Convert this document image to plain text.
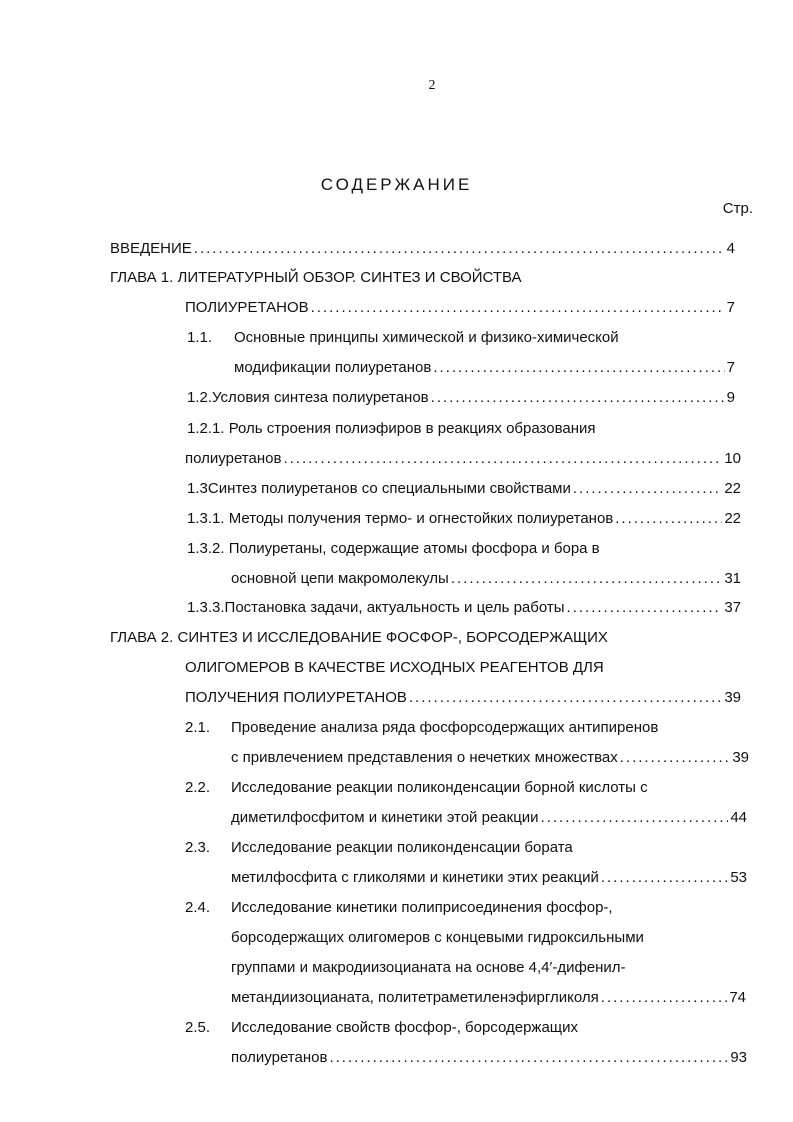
2
СОДЕРЖАНИЕ
Стр.
ВВЕДЕНИЕ .....	4
ГЛАВА 1. ЛИТЕРАТУРНЫЙ ОБЗОР. СИНТЕЗ И СВОЙСТВА
ПОЛИУРЕТАНОВ .....	7
1.1. Основные принципы химической и физико-химической
модификации полиуретанов .....	7
1.2. Условия синтеза полиуретанов .....	9
1.2.1. Роль строения полиэфиров в реакциях образования
полиуретанов .....	10
1.3 Синтез полиуретанов со специальными свойствами .....	22
1.3.1. Методы получения термо- и огнестойких полиуретанов .....	22
1.3.2. Полиуретаны, содержащие атомы фосфора и бора в
основной цепи макромолекулы .....	31
1.3.3. Постановка задачи, актуальность и цель работы .....	37
ГЛАВА 2. СИНТЕЗ И ИССЛЕДОВАНИЕ ФОСФОР-, БОРСОДЕРЖАЩИХ
ОЛИГОМЕРОВ В КАЧЕСТВЕ ИСХОДНЫХ РЕАГЕНТОВ ДЛЯ
ПОЛУЧЕНИЯ ПОЛИУРЕТАНОВ .....	39
2.1. Проведение анализа ряда фосфорсодержащих антипиренов
с привлечением представления о нечетких множествах .....	39
2.2. Исследование реакции поликонденсации борной кислоты с
диметилфосфитом и кинетики этой реакции .....	44
2.3. Исследование реакции поликонденсации бората
метилфосфита с гликолями и кинетики этих реакций .....	53
2.4. Исследование кинетики полиприсоединения фосфор-,
борсодержащих олигомеров с концевыми гидроксильными
группами и макродиизоцианата на основе 4,4′-дифенил-
метандиизоцианата, политетраметиленэфиргликоля .....	74
2.5. Исследование свойств фосфор-, борсодержащих
полиуретанов .....	93
